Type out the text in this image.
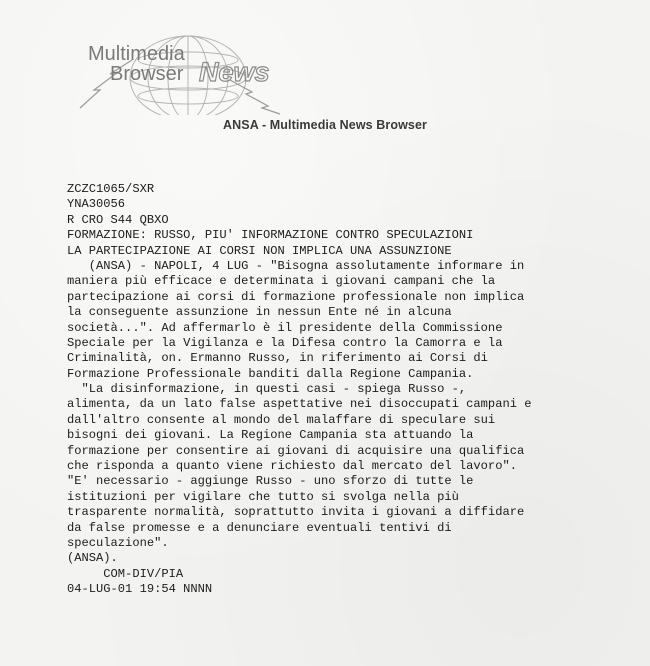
Multimedia
Browser News
ANSA - Multimedia News Browser
ZCZC1065/SXR
YNA30056
R CRO S44 QBXO
FORMAZIONE: RUSSO, PIU' INFORMAZIONE CONTRO SPECULAZIONI
LA PARTECIPAZIONE AI CORSI NON IMPLICA UNA ASSUNZIONE
(ANSA) - NAPOLI, 4 LUG - "Bisogna assolutamente informare in
maniera più efficace e determinata i giovani campani che la
partecipazione ai corsi di formazione professionale non implica
la conseguente assunzione in nessun Ente né in alcuna
società...". Ad affermarlo è il presidente della Commissione
Speciale per la Vigilanza e la Difesa contro la Camorra e la
Criminalità, on. Ermanno Russo, in riferimento ai Corsi di
Formazione Professionale banditi dalla Regione Campania.
"La disinformazione, in questi casi - spiega Russo -,
alimenta, da un lato false aspettative nei disoccupati campani e
dall'altro consente al mondo del malaffare di speculare sui
bisogni dei giovani. La Regione Campania sta attuando la
formazione per consentire ai giovani di acquisire una qualifica
che risponda a quanto viene richiesto dal mercato del lavoro".
"E' necessario - aggiunge Russo - uno sforzo di tutte le
istituzioni per vigilare che tutto si svolga nella più
trasparente normalità, soprattutto invita i giovani a diffidare
da false promesse e a denunciare eventuali tentivi di
speculazione".
(ANSA).
COM-DIV/PIA
04-LUG-01 19:54 NNNN
